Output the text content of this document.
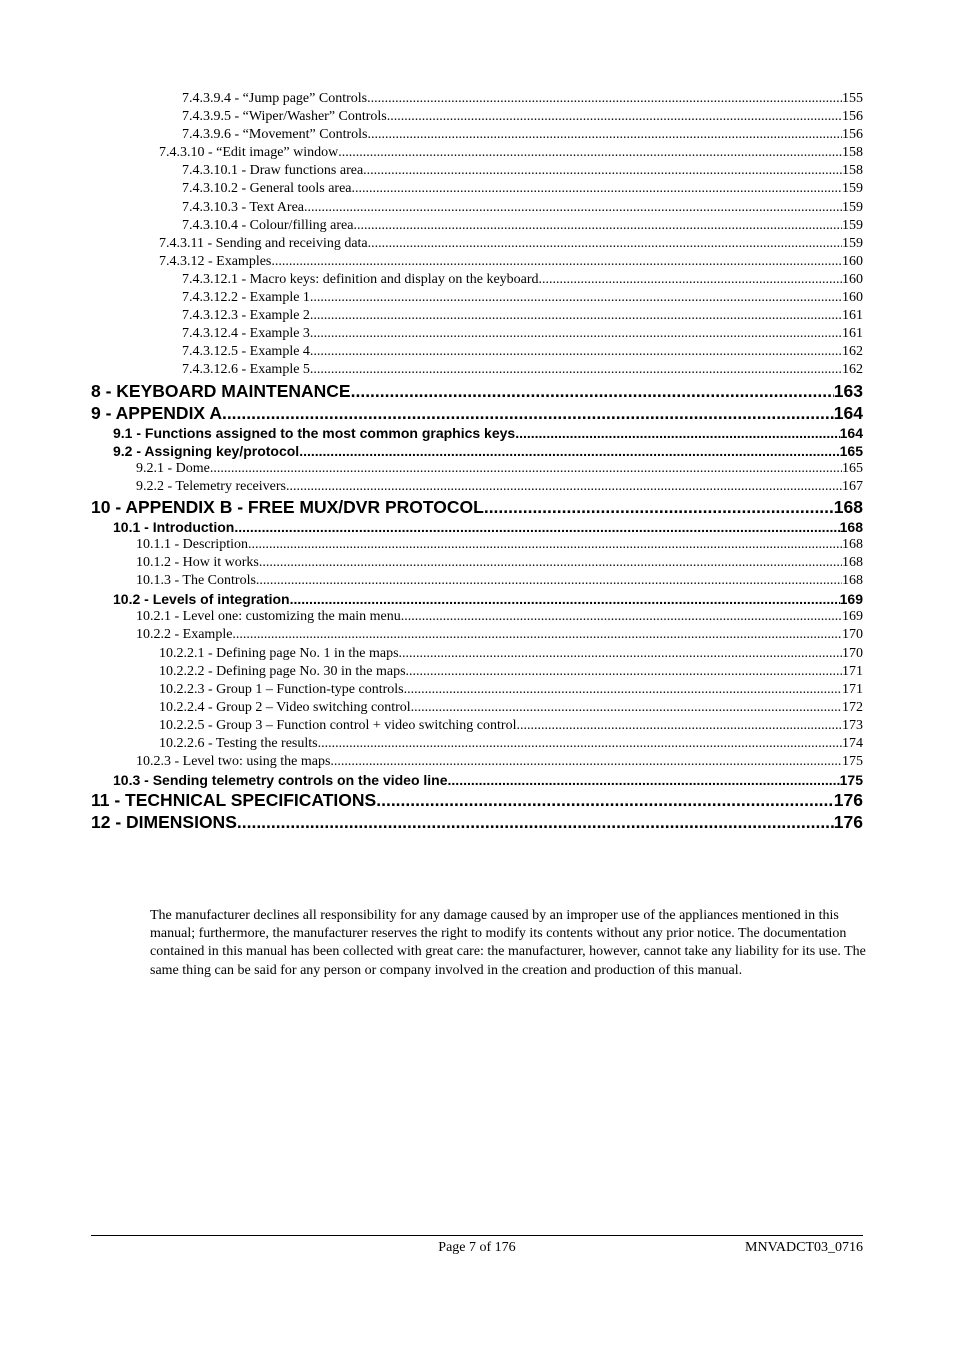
7.4.3.9.4 - “Jump page” Controls .....	155
7.4.3.9.5 - “Wiper/Washer” Controls .....	156
7.4.3.9.6 - “Movement” Controls .....	156
7.4.3.10 - “Edit image” window .....	158
7.4.3.10.1 - Draw functions area .....	158
7.4.3.10.2 - General tools area .....	159
7.4.3.10.3 - Text Area .....	159
7.4.3.10.4 - Colour/filling area .....	159
7.4.3.11 - Sending and receiving data .....	159
7.4.3.12 - Examples .....	160
7.4.3.12.1 - Macro keys: definition and display on the keyboard .....	160
7.4.3.12.2 - Example 1 .....	160
7.4.3.12.3 - Example 2 .....	161
7.4.3.12.4 - Example 3 .....	161
7.4.3.12.5 - Example 4 .....	162
7.4.3.12.6 - Example 5 .....	162
8 - KEYBOARD MAINTENANCE .....	163
9 - APPENDIX A .....	164
9.1 - Functions assigned to the most common graphics keys .....	164
9.2 - Assigning key/protocol .....	165
9.2.1 - Dome .....	165
9.2.2 - Telemetry receivers .....	167
10 - APPENDIX B - FREE MUX/DVR PROTOCOL .....	168
10.1 - Introduction .....	168
10.1.1 - Description .....	168
10.1.2 - How it works .....	168
10.1.3 - The Controls .....	168
10.2 - Levels of integration .....	169
10.2.1 - Level one: customizing the main menu .....	169
10.2.2 - Example .....	170
10.2.2.1 - Defining page No. 1 in the maps .....	170
10.2.2.2 - Defining page No. 30 in the maps .....	171
10.2.2.3 - Group 1 – Function-type controls .....	171
10.2.2.4 - Group 2 – Video switching control .....	172
10.2.2.5 - Group 3 – Function control + video switching control .....	173
10.2.2.6 - Testing the results .....	174
10.2.3 - Level two: using the maps .....	175
10.3 - Sending telemetry controls on the video line .....	175
11 - TECHNICAL SPECIFICATIONS .....	176
12 - DIMENSIONS .....	176

The manufacturer declines all responsibility for any damage caused by an improper use of the appliances mentioned in this manual; furthermore, the manufacturer reserves the right to modify its contents without any prior notice. The documentation contained in this manual has been collected with great care: the manufacturer, however, cannot take any liability for its use. The same thing can be said for any person or company involved in the creation and production of this manual.

Page 7 of 176	MNVADCT03_0716
